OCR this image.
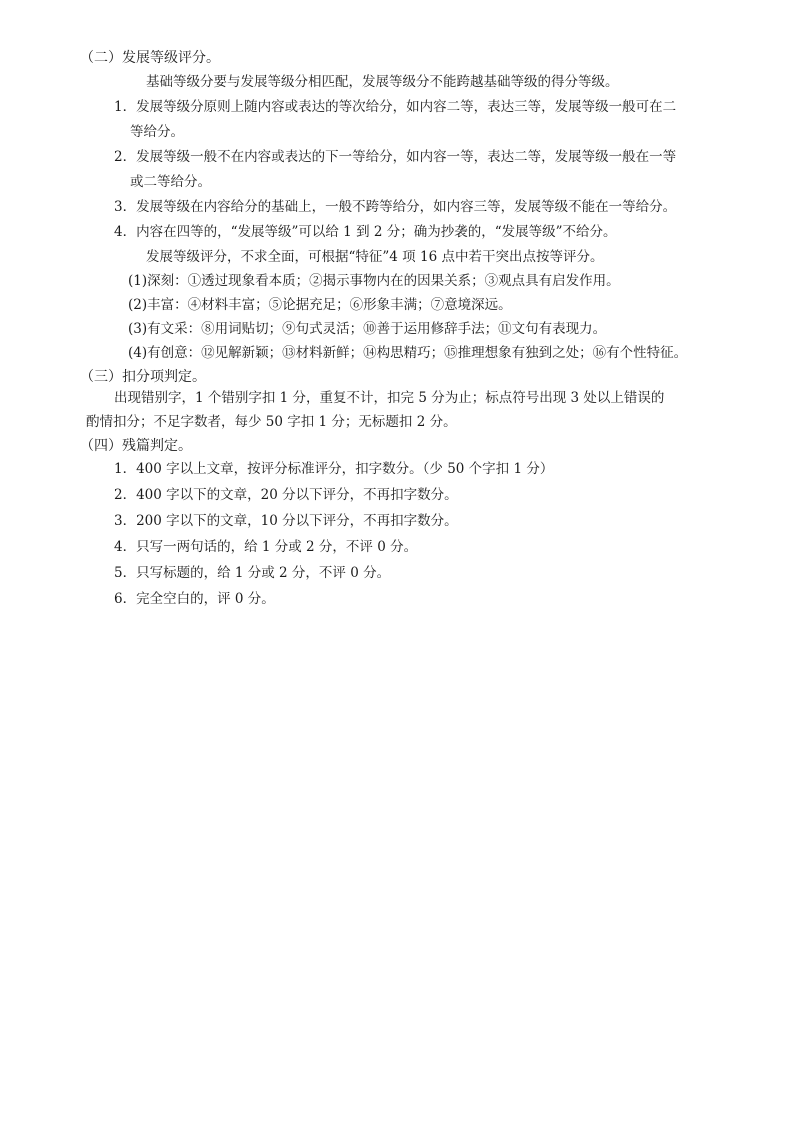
（二）发展等级评分。
基础等级分要与发展等级分相匹配，发展等级分不能跨越基础等级的得分等级。
1．发展等级分原则上随内容或表达的等次给分，如内容二等，表达三等，发展等级一般可在二
等给分。
2．发展等级一般不在内容或表达的下一等给分，如内容一等，表达二等，发展等级一般在一等
或二等给分。
3．发展等级在内容给分的基础上，一般不跨等给分，如内容三等，发展等级不能在一等给分。
4．内容在四等的，“发展等级”可以给 1 到 2 分；确为抄袭的，“发展等级”不给分。
发展等级评分，不求全面，可根据“特征”4 项 16 点中若干突出点按等评分。
(1)深刻：①透过现象看本质；②揭示事物内在的因果关系；③观点具有启发作用。
(2)丰富：④材料丰富；⑤论据充足；⑥形象丰满；⑦意境深远。
(3)有文采：⑧用词贴切；⑨句式灵活；⑩善于运用修辞手法；⑪文句有表现力。
(4)有创意：⑫见解新颖；⑬材料新鲜；⑭构思精巧；⑮推理想象有独到之处；⑯有个性特征。
（三）扣分项判定。
出现错别字，1 个错别字扣 1 分，重复不计，扣完 5 分为止；标点符号出现 3 处以上错误的
酌情扣分；不足字数者，每少 50 字扣 1 分；无标题扣 2 分。
（四）残篇判定。
1．400 字以上文章，按评分标准评分，扣字数分。（少 50 个字扣 1 分）
2．400 字以下的文章，20 分以下评分，不再扣字数分。
3．200 字以下的文章，10 分以下评分，不再扣字数分。
4．只写一两句话的，给 1 分或 2 分，不评 0 分。
5．只写标题的，给 1 分或 2 分，不评 0 分。
6．完全空白的，评 0 分。
